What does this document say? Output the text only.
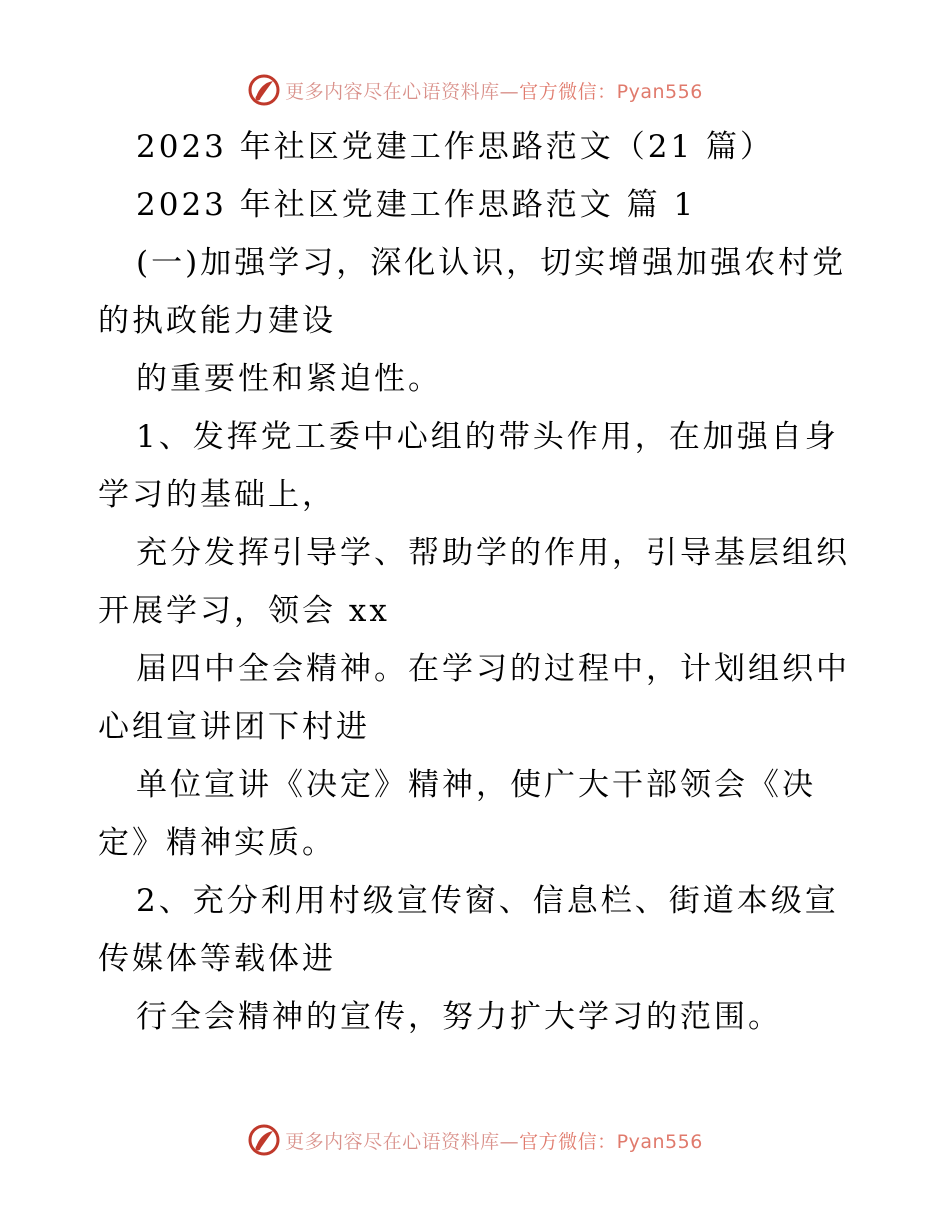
更多内容尽在心语资料库—官方微信：Pyan556
2023 年社区党建工作思路范文（21 篇）
2023 年社区党建工作思路范文 篇 1
(一)加强学习，深化认识，切实增强加强农村党
的执政能力建设
的重要性和紧迫性。
1、发挥党工委中心组的带头作用，在加强自身
学习的基础上，
充分发挥引导学、帮助学的作用，引导基层组织
开展学习，领会 xx
届四中全会精神。在学习的过程中，计划组织中
心组宣讲团下村进
单位宣讲《决定》精神，使广大干部领会《决
定》精神实质。
2、充分利用村级宣传窗、信息栏、街道本级宣
传媒体等载体进
行全会精神的宣传，努力扩大学习的范围。
更多内容尽在心语资料库—官方微信：Pyan556
